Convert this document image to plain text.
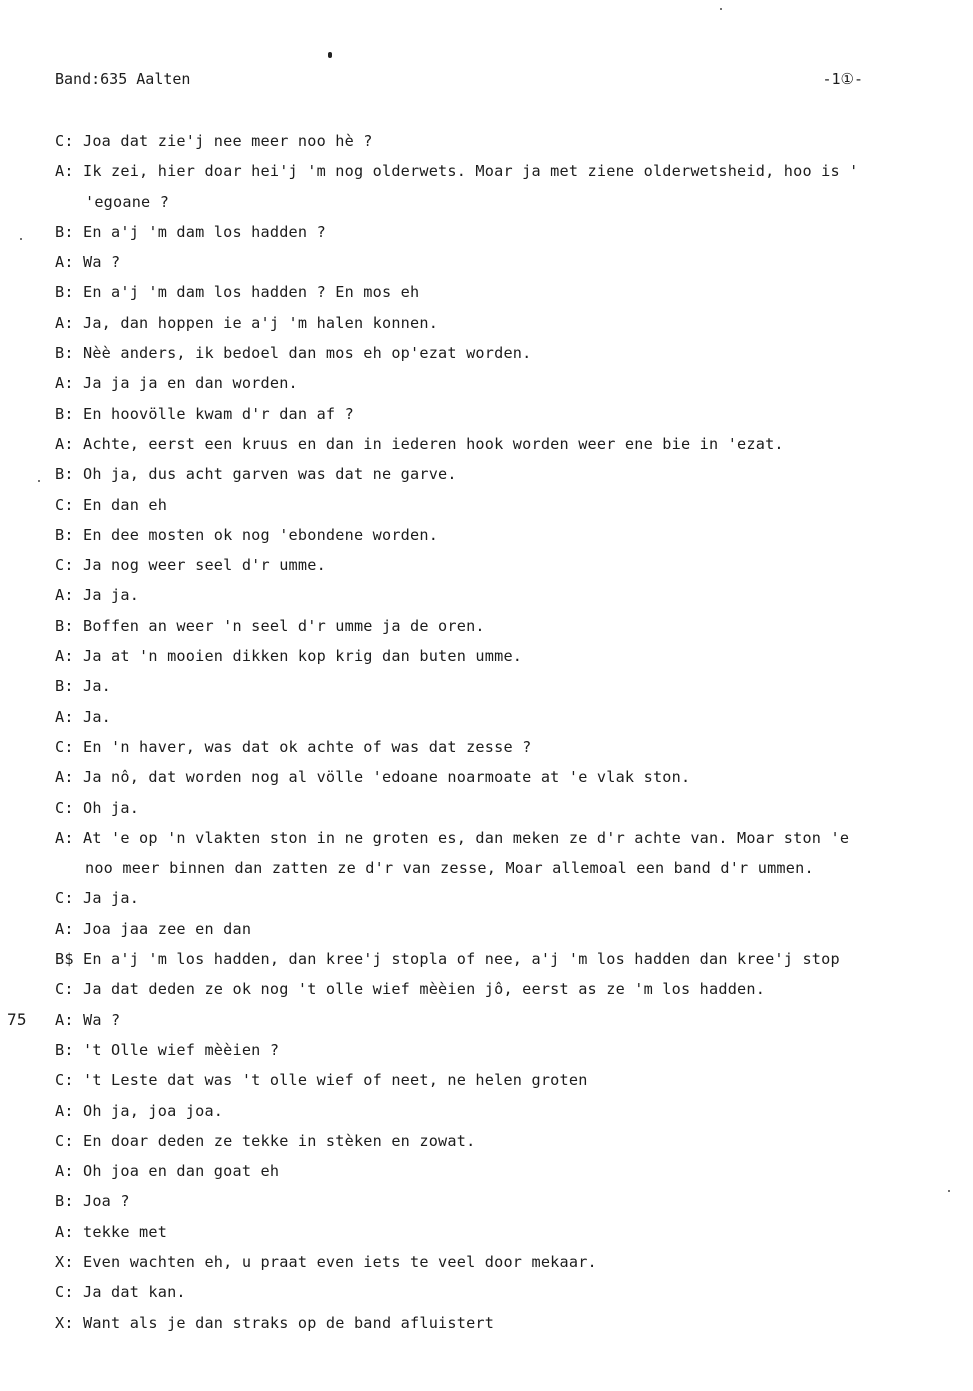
Band:635 Aalten	-1①-
C: Joa dat zie'j nee meer noo hè ?
A: Ik zei, hier doar hei'j 'm nog olderwets. Moar ja met ziene olderwetsheid, hoo is '
'egoane ?
B: En a'j 'm dam los hadden ?
A: Wa ?
B: En a'j 'm dam los hadden ? En mos eh
A: Ja, dan hoppen ie a'j 'm halen konnen.
B: Nèè anders, ik bedoel dan mos eh op'ezat worden.
A: Ja ja ja en dan worden.
B: En hoovölle kwam d'r dan af ?
A: Achte, eerst een kruus en dan in iederen hook worden weer ene bie in 'ezat.
B: Oh ja, dus acht garven was dat ne garve.
C: En dan eh
B: En dee mosten ok nog 'ebondene worden.
C: Ja nog weer seel d'r umme.
A: Ja ja.
B: Boffen an weer 'n seel d'r umme ja de oren.
A: Ja at 'n mooien dikken kop krig dan buten umme.
B: Ja.
A: Ja.
C: En 'n haver, was dat ok achte of was dat zesse ?
A: Ja nô, dat worden nog al völle 'edoane noarmoate at 'e vlak ston.
C: Oh ja.
A: At 'e op 'n vlakten ston in ne groten es, dan meken ze d'r achte van. Moar ston 'e
noo meer binnen dan zatten ze d'r van zesse, Moar allemoal een band d'r ummen.
C: Ja ja.
A: Joa jaa zee en dan
B$ En a'j 'm los hadden, dan kree'j stopla of nee, a'j 'm los hadden dan kree'j stop
C: Ja dat deden ze ok nog 't olle wief mèèien jô, eerst as ze 'm los hadden.
75 A: Wa ?
B: 't Olle wief mèèien ?
C: 't Leste dat was 't olle wief of neet, ne helen groten
A: Oh ja, joa joa.
C: En doar deden ze tekke in stèken en zowat.
A: Oh joa en dan goat eh
B: Joa ?
A: tekke met
X: Even wachten eh, u praat even iets te veel door mekaar.
C: Ja dat kan.
X: Want als je dan straks op de band afluistert
